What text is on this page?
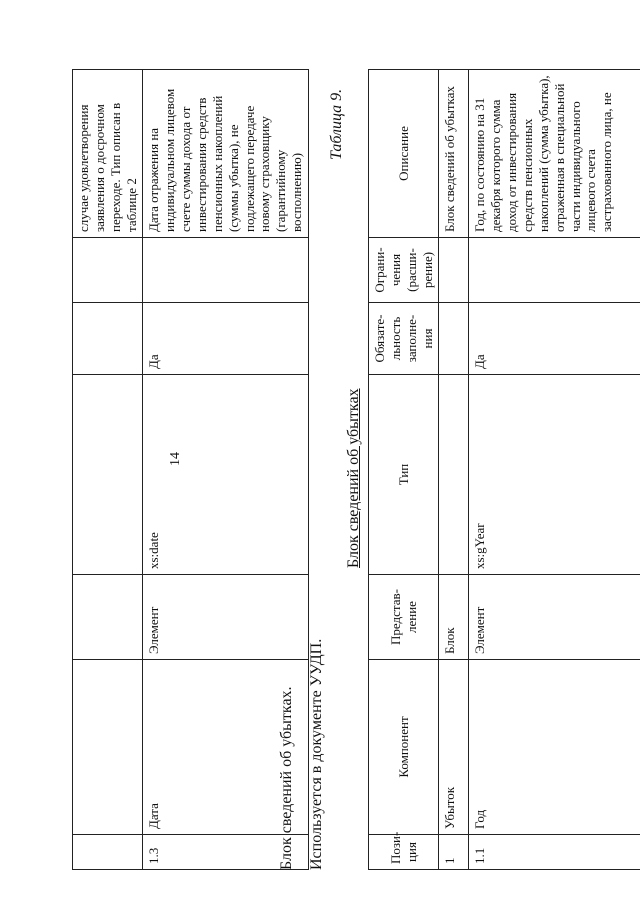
14
						случае удовлетворения заявления о досрочном переходе. Тип описан в таблице 2
1.3	Дата	Элемент	xs:date	Да		Дата отражения на индивидуальном лицевом счете суммы дохода от инвестирования средств пенсионных накоплений (суммы убытка), не подлежащего передаче новому страховщику (гарантийному восполнению)
Блок сведений об убытках. Используется в документе УУДП.
Таблица 9.
Блок сведений об убытках
Пози-ция	Компонент	Представ-ление	Тип	Обязате-льность заполне-ния	Ограни-чения (расши-рение)	Описание
1	Убыток	Блок				Блок сведений об убытках
1.1	Год	Элемент	xs:gYear	Да		Год, по состоянию на 31 декабря которого сумма доход от инвестирования средств пенсионных накоплений (сумма убытка), отраженная в специальной части индивидуального лицевого счета застрахованного лица, не
